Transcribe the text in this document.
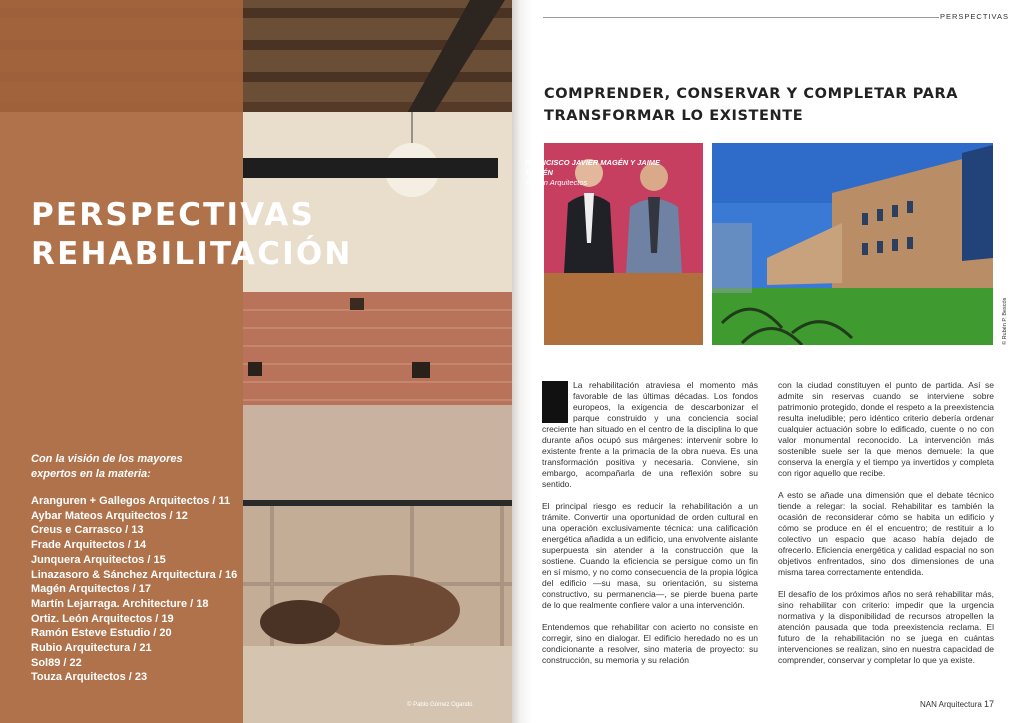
PERSPECTIVAS
REHABILITACIÓN

Con la visión de los mayores expertos en la materia:

Aranguren + Gallegos Arquitectos / 11
Aybar Mateos Arquitectos / 12
Creus e Carrasco / 13
Frade Arquitectos / 14
Junquera Arquitectos / 15
Linazasoro & Sánchez Arquitectura / 16
Magén Arquitectos / 17
Martín Lejarraga. Architecture / 18
Ortiz. León Arquitectos / 19
Ramón Esteve Estudio / 20
Rubio Arquitectura / 21
Sol89 / 22
Touza Arquitectos / 23
© Pablo Gómez Ogando
PERSPECTIVAS
COMPRENDER, CONSERVAR Y COMPLETAR PARA TRANSFORMAR LO EXISTENTE

FRANCISCO JAVIER MAGÉN Y JAIME MAGÉN

Magén Arquitectos

© Rubén P. Bescós

La rehabilitación atraviesa el momento más favorable de las últimas décadas. Los fondos europeos, la exigencia de descarbonizar el parque construido y una conciencia social creciente han situado en el centro de la disciplina lo que durante años ocupó sus márgenes: intervenir sobre lo existente frente a la primacía de la obra nueva. Es una transformación positiva y necesaria. Conviene, sin embargo, acompañarla de una reflexión sobre su sentido.

El principal riesgo es reducir la rehabilitación a un trámite. Convertir una oportunidad de orden cultural en una operación exclusivamente técnica: una calificación energética añadida a un edificio, una envolvente aislante superpuesta sin atender a la construcción que la sostiene. Cuando la eficiencia se persigue como un fin en sí mismo, y no como consecuencia de la propia lógica del edificio —su masa, su orientación, su sistema constructivo, su permanencia—, se pierde buena parte de lo que realmente confiere valor a una intervención.

Entendemos que rehabilitar con acierto no consiste en corregir, sino en dialogar. El edificio heredado no es un condicionante a resolver, sino materia de proyecto: su construcción, su memoria y su relación

con la ciudad constituyen el punto de partida. Así se admite sin reservas cuando se interviene sobre patrimonio protegido, donde el respeto a la preexistencia resulta ineludible; pero idéntico criterio debería ordenar cualquier actuación sobre lo edificado, cuente o no con valor monumental reconocido. La intervención más sostenible suele ser la que menos demuele: la que conserva la energía y el tiempo ya invertidos y completa con rigor aquello que recibe.

A esto se añade una dimensión que el debate técnico tiende a relegar: la social. Rehabilitar es también la ocasión de reconsiderar cómo se habita un edificio y cómo se produce en él el encuentro; de restituir a lo colectivo un espacio que acaso había dejado de ofrecerlo. Eficiencia energética y calidad espacial no son objetivos enfrentados, sino dos dimensiones de una misma tarea correctamente entendida.

El desafío de los próximos años no será rehabilitar más, sino rehabilitar con criterio: impedir que la urgencia normativa y la disponibilidad de recursos atropellen la atención pausada que toda preexistencia reclama. El futuro de la rehabilitación no se juega en cuántas intervenciones se realizan, sino en nuestra capacidad de comprender, conservar y completar lo que ya existe.

NAN Arquitectura 17
